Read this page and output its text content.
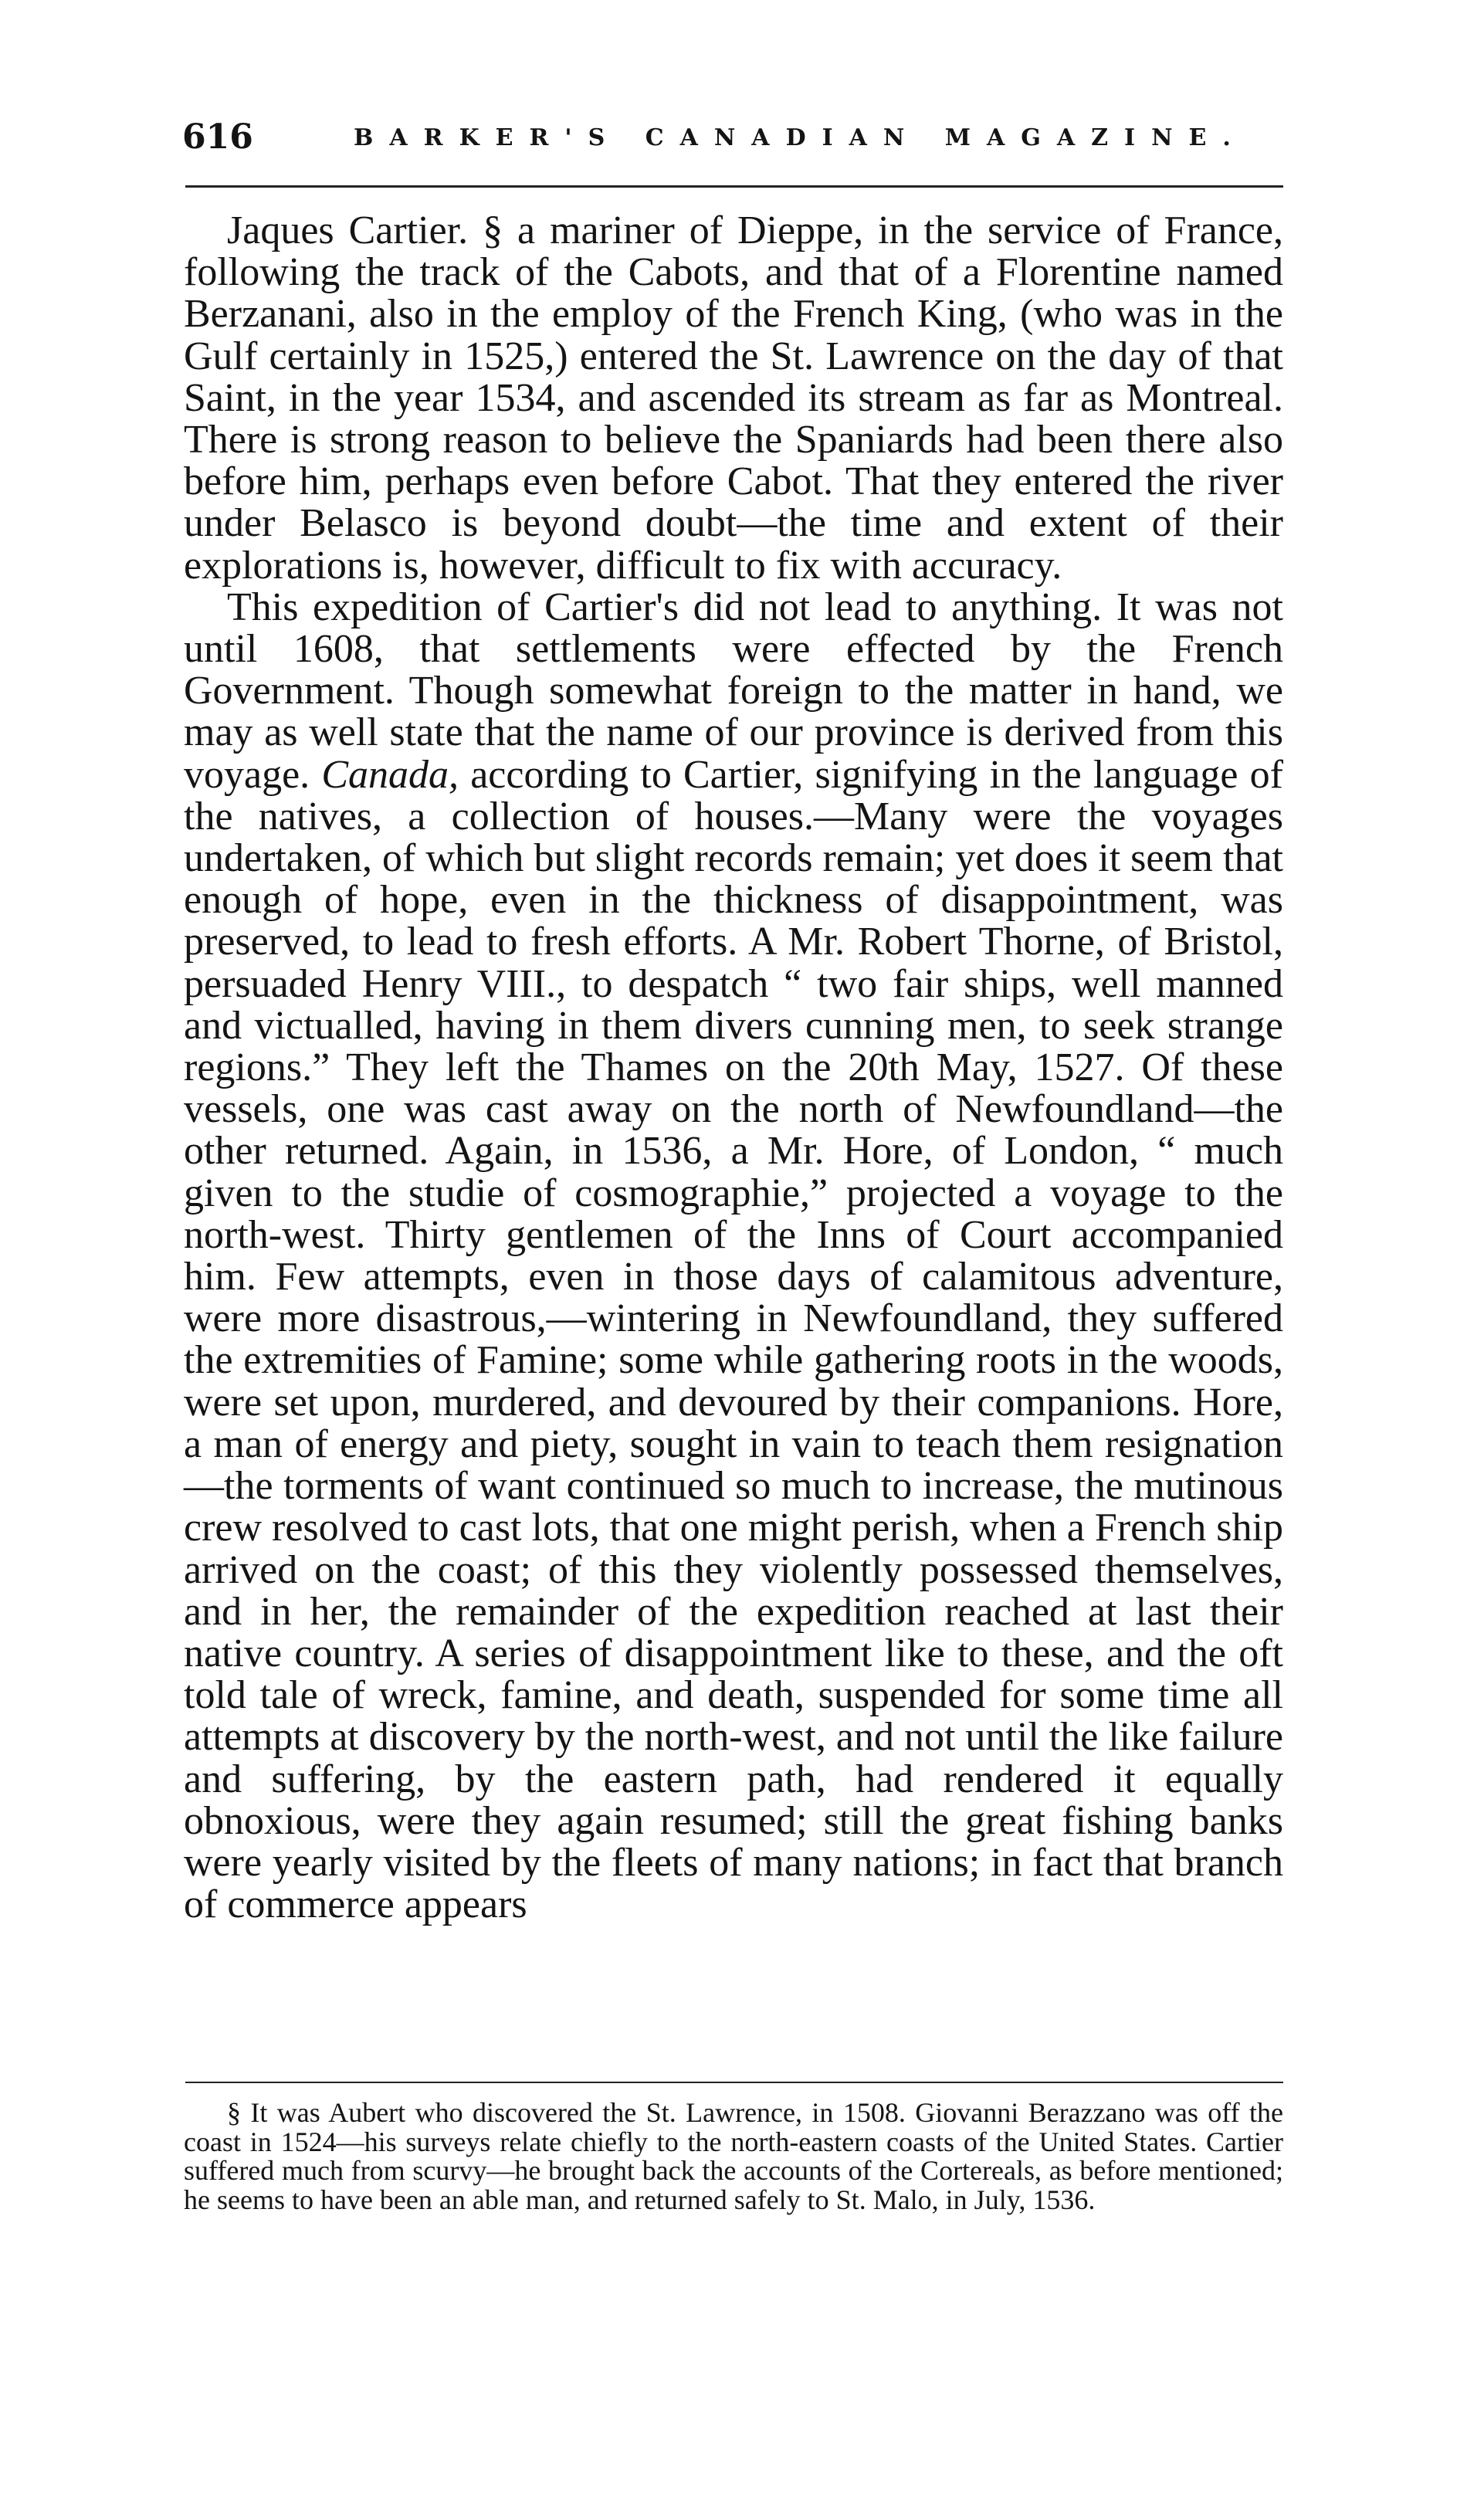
616	BARKER'S CANADIAN MAGAZINE.

Jaques Cartier. § a mariner of Dieppe, in the service of France, following the track of the Cabots, and that of a Florentine named Berzanani, also in the employ of the French King, (who was in the Gulf certainly in 1525,) entered the St. Lawrence on the day of that Saint, in the year 1534, and ascended its stream as far as Montreal. There is strong reason to believe the Spaniards had been there also before him, perhaps even before Cabot. That they entered the river under Belasco is beyond doubt—the time and extent of their explorations is, however, difficult to fix with accuracy.

This expedition of Cartier's did not lead to anything. It was not until 1608, that settlements were effected by the French Government. Though somewhat foreign to the matter in hand, we may as well state that the name of our province is derived from this voyage. Canada, according to Cartier, signifying in the language of the natives, a collection of houses.—Many were the voyages undertaken, of which but slight records remain; yet does it seem that enough of hope, even in the thickness of disappointment, was preserved, to lead to fresh efforts. A Mr. Robert Thorne, of Bristol, persuaded Henry VIII., to despatch “ two fair ships, well manned and victualled, having in them divers cunning men, to seek strange regions.” They left the Thames on the 20th May, 1527. Of these vessels, one was cast away on the north of Newfoundland—the other returned. Again, in 1536, a Mr. Hore, of London, “ much given to the studie of cosmographie,” projected a voyage to the north-west. Thirty gentlemen of the Inns of Court accompanied him. Few attempts, even in those days of calamitous adventure, were more disastrous,—wintering in Newfoundland, they suffered the extremities of Famine; some while gathering roots in the woods, were set upon, murdered, and devoured by their companions. Hore, a man of energy and piety, sought in vain to teach them resignation—the torments of want continued so much to increase, the mutinous crew resolved to cast lots, that one might perish, when a French ship arrived on the coast; of this they violently possessed themselves, and in her, the remainder of the expedition reached at last their native country. A series of disappointment like to these, and the oft told tale of wreck, famine, and death, suspended for some time all attempts at discovery by the north-west, and not until the like failure and suffering, by the eastern path, had rendered it equally obnoxious, were they again resumed; still the great fishing banks were yearly visited by the fleets of many nations; in fact that branch of commerce appears

§ It was Aubert who discovered the St. Lawrence, in 1508. Giovanni Berazzano was off the coast in 1524—his surveys relate chiefly to the north-eastern coasts of the United States. Cartier suffered much from scurvy—he brought back the accounts of the Cortereals, as before mentioned; he seems to have been an able man, and returned safely to St. Malo, in July, 1536.
